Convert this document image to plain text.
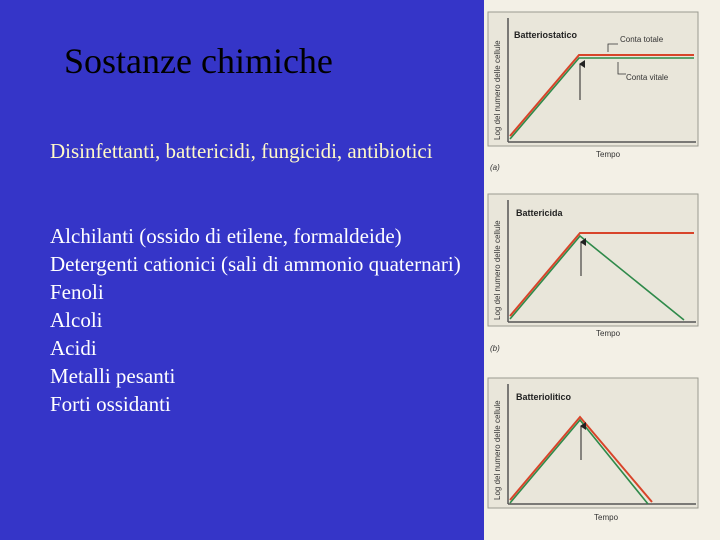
Sostanze chimiche
Disinfettanti, battericidi, fungicidi, antibiotici
Alchilanti (ossido di etilene, formaldeide)
Detergenti cationici (sali di ammonio quaternari)
Fenoli
Alcoli
Acidi
Metalli pesanti
Forti ossidanti
Batteriostatico
Log del numero delle cellule
Tempo
(a)
Conta totale
Conta vitale
Battericida
Log del numero delle cellule
Tempo
(b)
Batteriolitico
Log del numero delle cellule
Tempo
